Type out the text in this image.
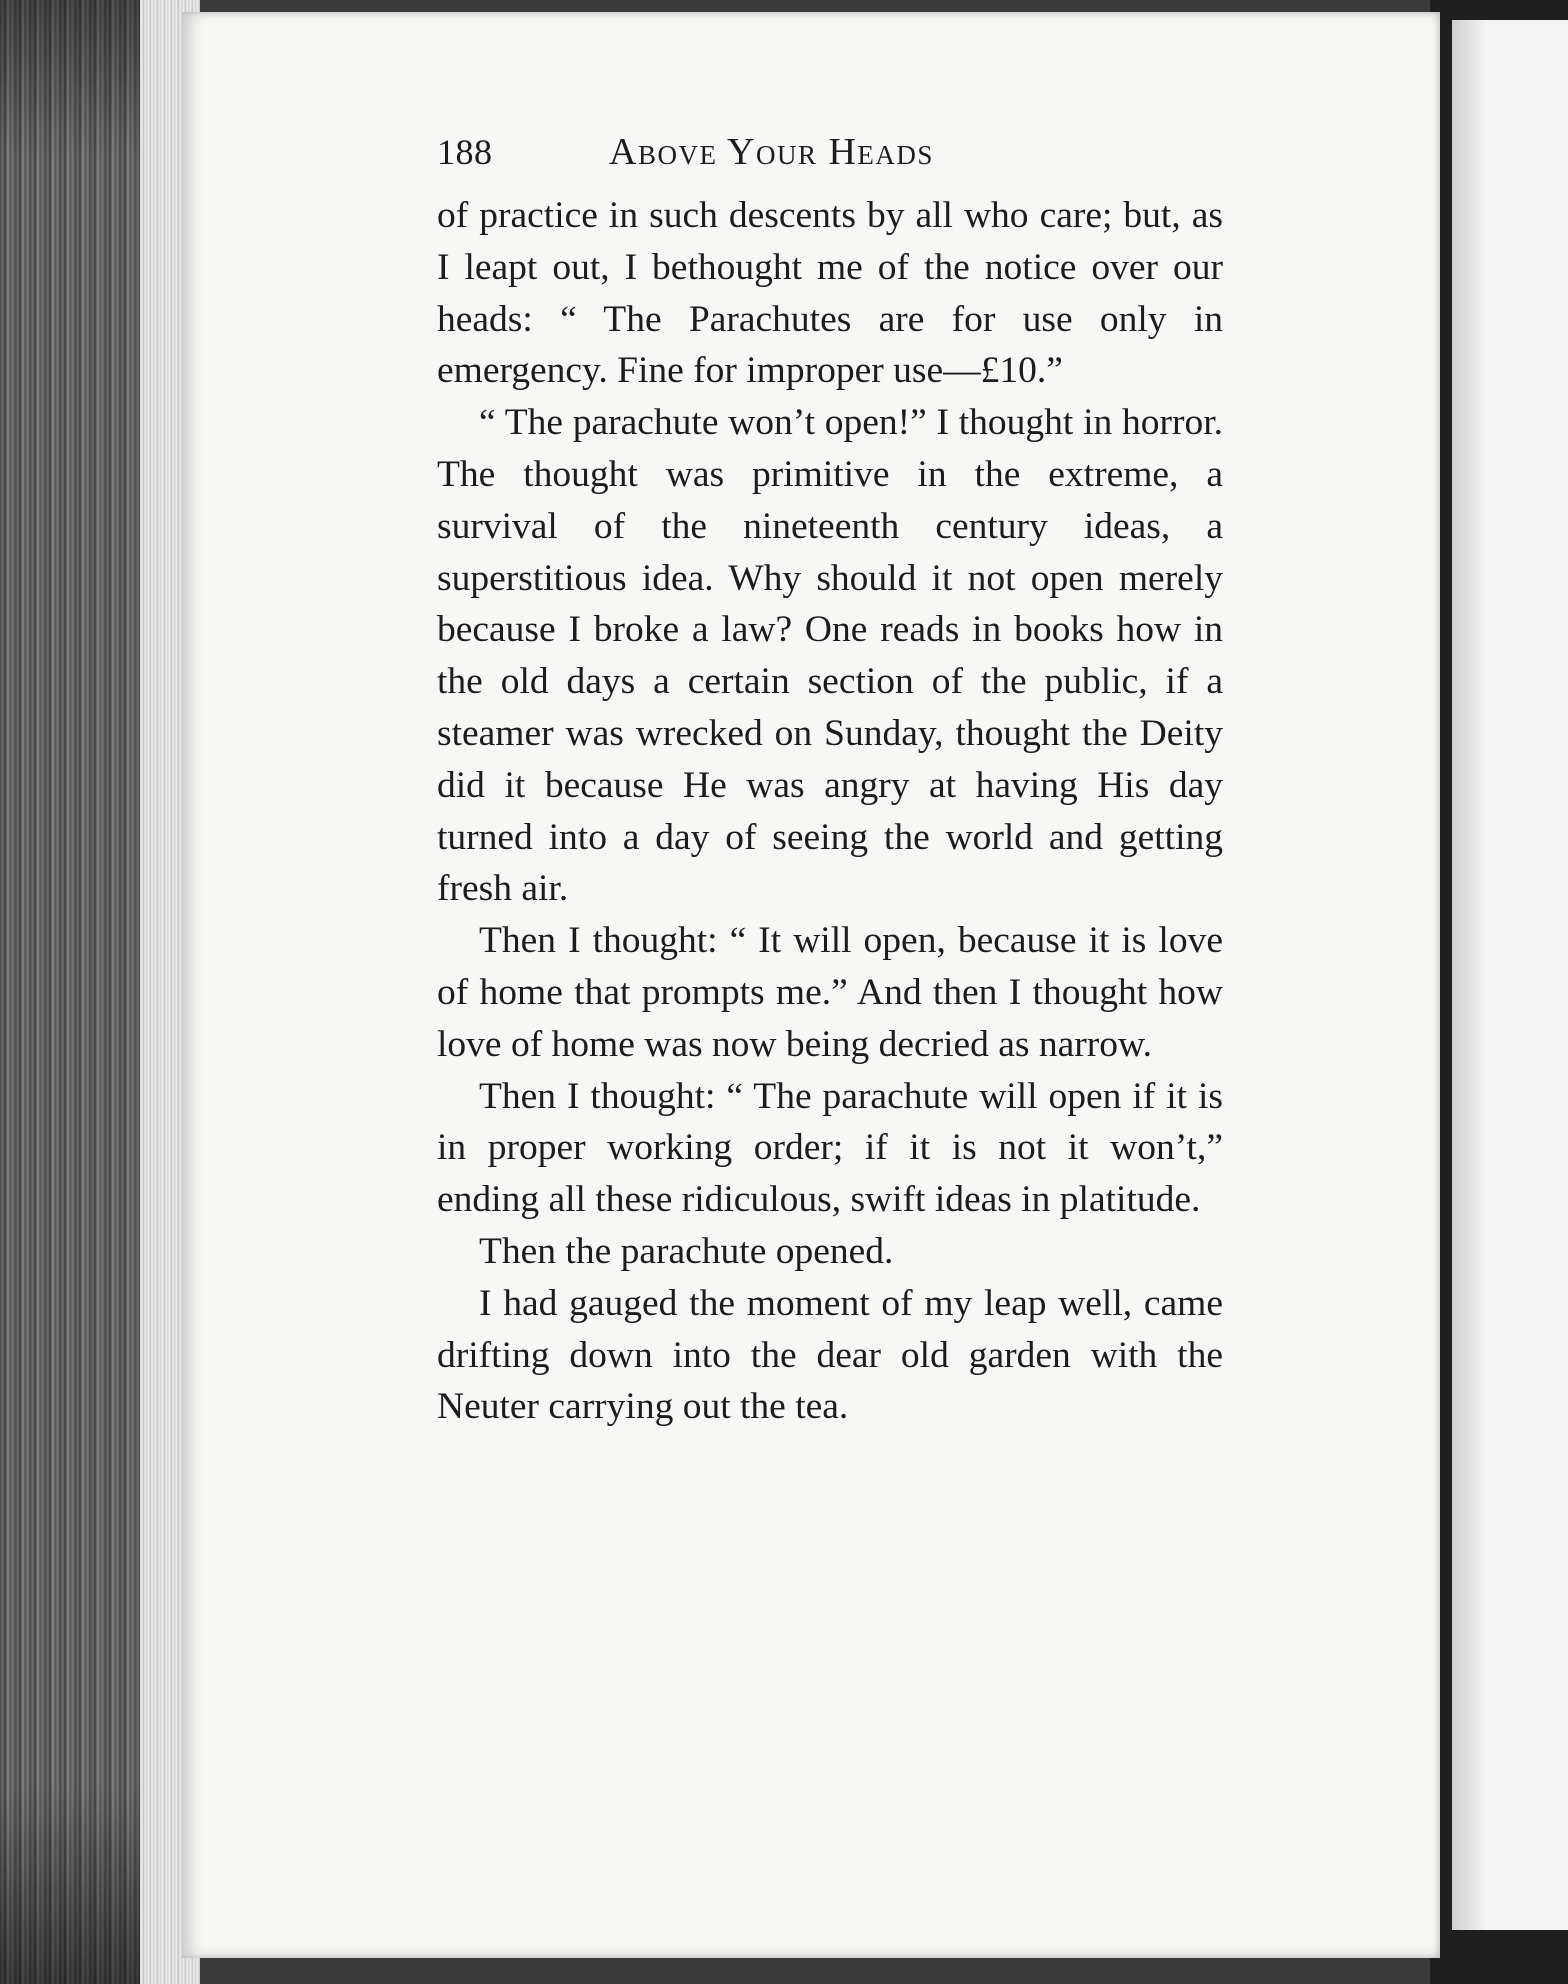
188	Above Your Heads

of practice in such descents by all who care; but, as I leapt out, I bethought me of the notice over our heads: “ The Parachutes are for use only in emergency. Fine for improper use—£10.”

“ The parachute won’t open!” I thought in horror. The thought was primitive in the extreme, a survival of the nineteenth century ideas, a superstitious idea. Why should it not open merely because I broke a law? One reads in books how in the old days a certain section of the public, if a steamer was wrecked on Sunday, thought the Deity did it because He was angry at having His day turned into a day of seeing the world and getting fresh air.

Then I thought: “ It will open, because it is love of home that prompts me.” And then I thought how love of home was now being decried as narrow.

Then I thought: “ The parachute will open if it is in proper working order; if it is not it won’t,” ending all these ridiculous, swift ideas in platitude.

Then the parachute opened.

I had gauged the moment of my leap well, came drifting down into the dear old garden with the Neuter carrying out the tea.
